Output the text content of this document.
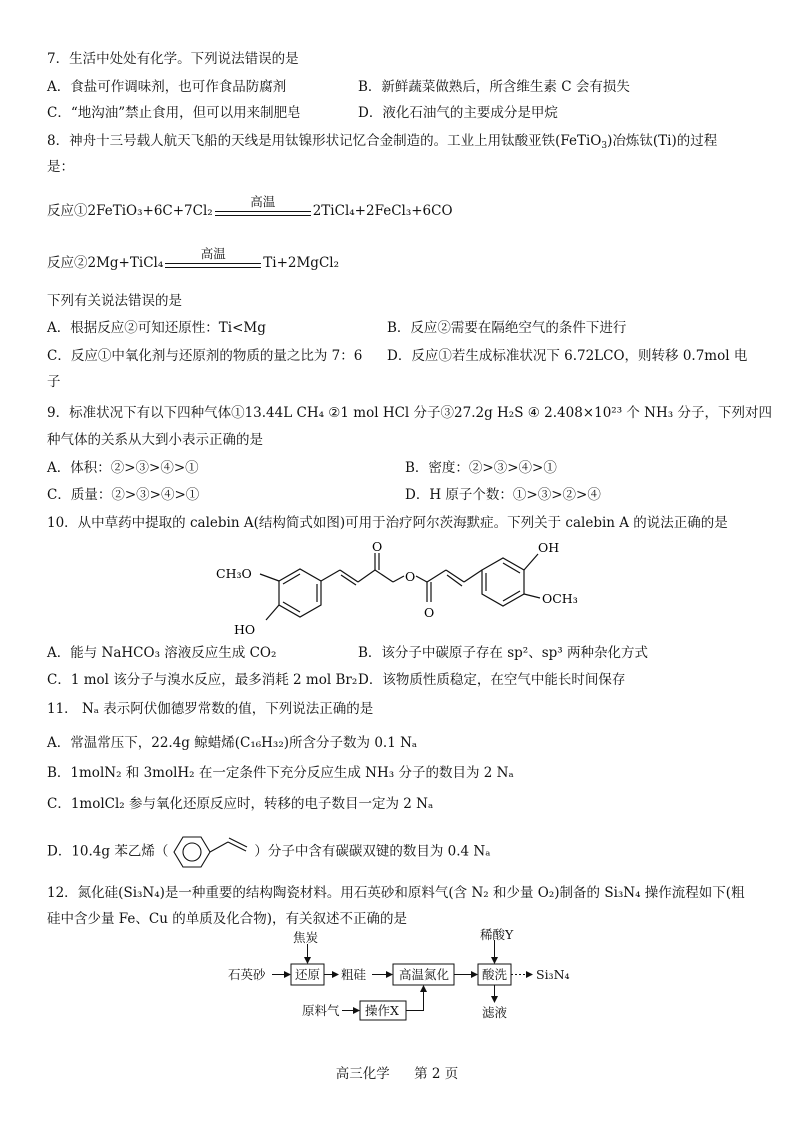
7．生活中处处有化学。下列说法错误的是
A．食盐可作调味剂，也可作食品防腐剂	B．新鲜蔬菜做熟后，所含维生素 C 会有损失
C．“地沟油”禁止食用，但可以用来制肥皂	D．液化石油气的主要成分是甲烷
8．神舟十三号载人航天飞船的天线是用钛镍形状记忆合金制造的。工业上用钛酸亚铁(FeTiO$_3$)冶炼钛(Ti)的过程
是：
反应①2FeTiO₃+6C+7Cl₂
高温
2TiCl₄+2FeCl₃+6CO
反应②2Mg+TiCl₄
高温
Ti+2MgCl₂
下列有关说法错误的是
A．根据反应②可知还原性：Ti<Mg	B．反应②需要在隔绝空气的条件下进行
C．反应①中氧化剂与还原剂的物质的量之比为 7：6 D．反应①若生成标准状况下 6.72LCO，则转移 0.7mol 电
子
9．标准状况下有以下四种气体①13.44L CH₄ ②1 mol HCl 分子③27.2g H₂S ④ 2.408×10²³ 个 NH₃ 分子，下列对四
种气体的关系从大到小表示正确的是
A．体积：②>③>④>①	B．密度：②>③>④>①
C．质量：②>③>④>①	D．H 原子个数：①>③>②>④
10．从中草药中提取的 calebin A(结构简式如图)可用于治疗阿尔茨海默症。下列关于 calebin A 的说法正确的是
CH₃O
HO
O
O
O
OH
OCH₃
A．能与 NaHCO₃ 溶液反应生成 CO₂	B．该分子中碳原子存在 sp²、sp³ 两种杂化方式
C．1 mol 该分子与溴水反应，最多消耗 2 mol Br₂ D．该物质性质稳定，在空气中能长时间保存
11． Nₐ 表示阿伏伽德罗常数的值，下列说法正确的是
A．常温常压下，22.4g 鲸蜡烯(C₁₆H₃₂)所含分子数为 0.1 Nₐ
B．1molN₂ 和 3molH₂ 在一定条件下充分反应生成 NH₃ 分子的数目为 2 Nₐ
C．1molCl₂ 参与氧化还原反应时，转移的电子数目一定为 2 Nₐ
D．10.4g 苯乙烯（	）分子中含有碳碳双键的数目为 0.4 Nₐ
12．氮化硅(Si₃N₄)是一种重要的结构陶瓷材料。用石英砂和原料气(含 N₂ 和少量 O₂)制备的 Si₃N₄ 操作流程如下(粗
硅中含少量 Fe、Cu 的单质及化合物)，有关叙述不正确的是
焦炭
石英砂 还原 粗硅	高温氮化
稀酸Y
酸洗 Si₃N₄
原料气 操作X	滤液
高三化学 第 2 页
